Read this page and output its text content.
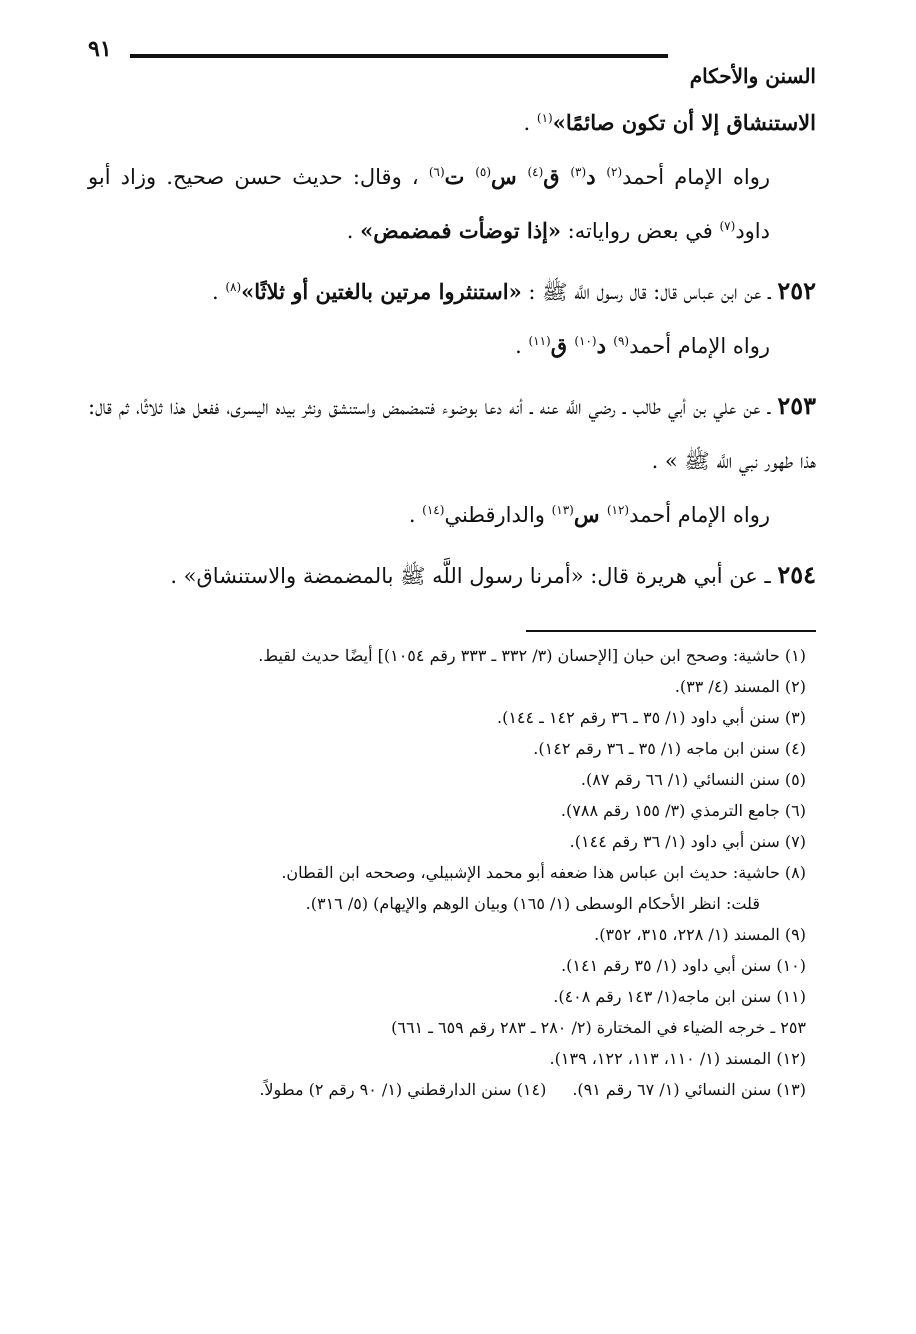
٩١
السنن والأحكام

الاستنشاق إلا أن تكون صائمًا»$^{(١)}$ .

رواه الإمام أحمد$^{(٢)}$ د$^{(٣)}$ ق$^{(٤)}$ س$^{(٥)}$ ت$^{(٦)}$ ، وقال: حديث حسن صحيح. وزاد أبو داود$^{(٧)}$ في بعض رواياته: «إذا توضأت فمضمض» .

٢٥٢ ـ عن ابن عباس قال: قال رسول اللَّه ﷺ : «استنثروا مرتين بالغتين أو ثلاثًا»$^{(٨)}$ .

رواه الإمام أحمد$^{(٩)}$ د$^{(١٠)}$ ق$^{(١١)}$ .

٢٥٣ ـ عن علي بن أبي طالب ـ رضي اللَّه عنه ـ أنه دعا بوضوء فتمضمض واستنشق ونثر بيده اليسرى، ففعل هذا ثلاثًا، ثم قال: هذا طهور نبي اللَّه ﷺ » .

رواه الإمام أحمد$^{(١٢)}$ س$^{(١٣)}$ والدارقطني$^{(١٤)}$ .

٢٥٤ ـ عن أبي هريرة قال: «أمرنا رسول اللَّه ﷺ بالمضمضة والاستنشاق» .

(١) حاشية: وصحح ابن حبان [الإحسان (٣/ ٣٣٢ ـ ٣٣٣ رقم ١٠٥٤)] أيضًا حديث لقيط.
(٢) المسند (٤/ ٣٣).
(٣) سنن أبي داود (١/ ٣٥ ـ ٣٦ رقم ١٤٢ ـ ١٤٤).
(٤) سنن ابن ماجه (١/ ٣٥ ـ ٣٦ رقم ١٤٢).
(٥) سنن النسائي (١/ ٦٦ رقم ٨٧).
(٦) جامع الترمذي (٣/ ١٥٥ رقم ٧٨٨).
(٧) سنن أبي داود (١/ ٣٦ رقم ١٤٤).
(٨) حاشية: حديث ابن عباس هذا ضعفه أبو محمد الإشبيلي، وصححه ابن القطان.
قلت: انظر الأحكام الوسطى (١/ ١٦٥) وبيان الوهم والإيهام) (٥/ ٣١٦).
(٩) المسند (١/ ٢٢٨، ٣١٥، ٣٥٢).
(١٠) سنن أبي داود (١/ ٣٥ رقم ١٤١).
(١١) سنن ابن ماجه(١/ ١٤٣ رقم ٤٠٨).
٢٥٣ ـ خرجه الضياء في المختارة (٢/ ٢٨٠ ـ ٢٨٣ رقم ٦٥٩ ـ ٦٦١)
(١٢) المسند (١/ ١١٠، ١١٣، ١٢٢، ١٣٩).
(١٣) سنن النسائي (١/ ٦٧ رقم ٩١).(١٤) سنن الدارقطني (١/ ٩٠ رقم ٢) مطولاً.
